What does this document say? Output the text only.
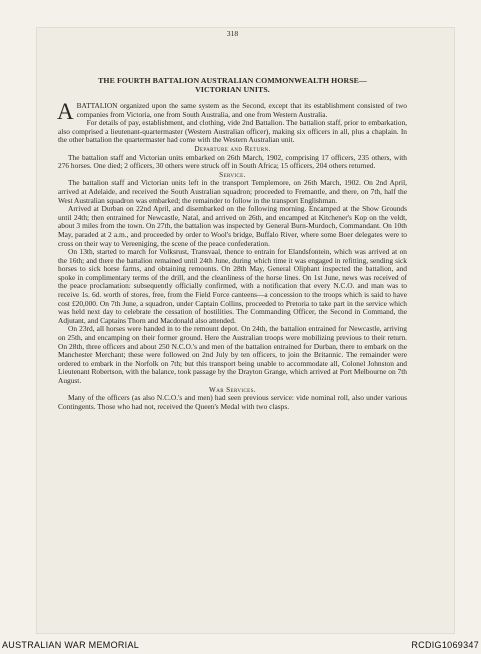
318
THE FOURTH BATTALION AUSTRALIAN COMMONWEALTH HORSE—
VICTORIAN UNITS.

ABATTALION organized upon the same system as the Second, except that its establishment consisted of two companies from Victoria, one from South Australia, and one from Western Australia.

For details of pay, establishment, and clothing, vide 2nd Battalion. The battalion staff, prior to embarkation, also comprised a lieutenant-quartermaster (Western Australian officer), making six officers in all, plus a chaplain. In the other battalion the quartermaster had come with the Western Australian unit.

Departure and Return.

The battalion staff and Victorian units embarked on 26th March, 1902, comprising 17 officers, 235 others, with 276 horses. One died; 2 officers, 30 others were struck off in South Africa; 15 officers, 204 others returned.

Service.

The battalion staff and Victorian units left in the transport Templemore, on 26th March, 1902. On 2nd April, arrived at Adelaide, and received the South Australian squadron; proceeded to Fremantle, and there, on 7th, half the West Australian squadron was embarked; the remainder to follow in the transport Englishman.

Arrived at Durban on 22nd April, and disembarked on the following morning. Encamped at the Show Grounds until 24th; then entrained for Newcastle, Natal, and arrived on 26th, and encamped at Kitchener's Kop on the veldt, about 3 miles from the town. On 27th, the battalion was inspected by General Burn-Murdoch, Commandant. On 10th May, paraded at 2 a.m., and proceeded by order to Wool's bridge, Buffalo River, where some Boer delegates were to cross on their way to Vereeniging, the scene of the peace confederation.

On 13th, started to march for Volksrust, Transvaal, thence to entrain for Elandsfontein, which was arrived at on the 16th; and there the battalion remained until 24th June, during which time it was engaged in refitting, sending sick horses to sick horse farms, and obtaining remounts. On 28th May, General Oliphant inspected the battalion, and spoke in complimentary terms of the drill, and the cleanliness of the horse lines. On 1st June, news was received of the peace proclamation: subsequently officially confirmed, with a notification that every N.C.O. and man was to receive 1s. 6d. worth of stores, free, from the Field Force canteens—a concession to the troops which is said to have cost £20,000. On 7th June, a squadron, under Captain Collins, proceeded to Pretoria to take part in the service which was held next day to celebrate the cessation of hostilities. The Commanding Officer, the Second in Command, the Adjutant, and Captains Thorn and Macdonald also attended.

On 23rd, all horses were handed in to the remount depot. On 24th, the battalion entrained for Newcastle, arriving on 25th, and encamping on their former ground. Here the Australian troops were mobilizing previous to their return. On 28th, three officers and about 250 N.C.O.'s and men of the battalion entrained for Durban, there to embark on the Manchester Merchant; these were followed on 2nd July by ten officers, to join the Britannic. The remainder were ordered to embark in the Norfolk on 7th; but this transport being unable to accommodate all, Colonel Johnston and Lieutenant Robertson, with the balance, took passage by the Drayton Grange, which arrived at Port Melbourne on 7th August.

War Services.

Many of the officers (as also N.C.O.'s and men) had seen previous service: vide nominal roll, also under various Contingents. Those who had not, received the Queen's Medal with two clasps.

AUSTRALIAN WAR MEMORIAL	RCDIG1069347
